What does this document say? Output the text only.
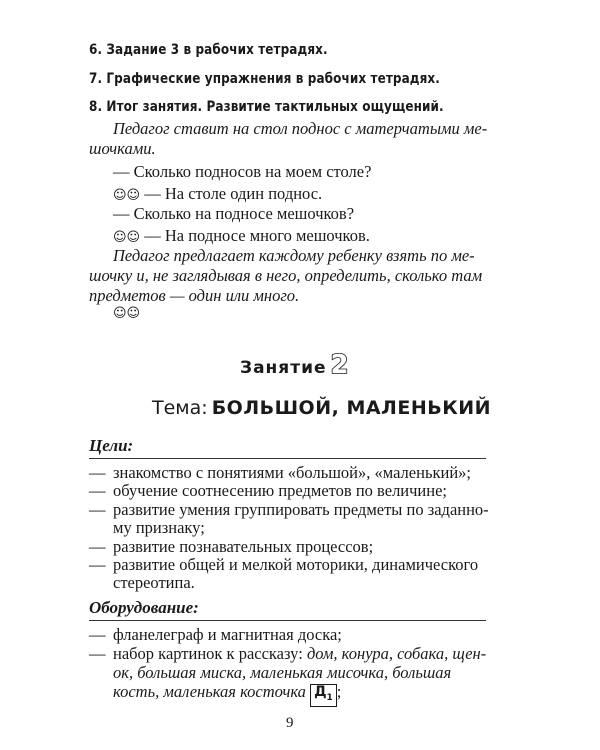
6. Задание 3 в рабочих тетрадях.
7. Графические упражнения в рабочих тетрадях.
8. Итог занятия. Развитие тактильных ощущений.
Педагог ставит на стол поднос с матерчатыми ме-
шочками.
— Сколько подносов на моем столе?
☺☺ — На столе один поднос.
— Сколько на подносе мешочков?
☺☺ — На подносе много мешочков.
Педагог предлагает каждому ребенку взять по ме-
шочку и, не заглядывая в него, определить, сколько там
предметов — один или много.
☺☺
Занятие 2
Тема: БОЛЬШОЙ, МАЛЕНЬКИЙ
Цели:
— знакомство с понятиями «большой», «маленький»;
— обучение соотнесению предметов по величине;
— развитие умения группировать предметы по заданно-
му признаку;
— развитие познавательных процессов;
— развитие общей и мелкой моторики, динамического
стереотипа.
Оборудование:
— фланелеграф и магнитная доска;
— набор картинок к рассказу: дом, конура, собака, щен-
ок, большая миска, маленькая мисочка, большая
кость, маленькая косточка $Д_1$ ;
9
